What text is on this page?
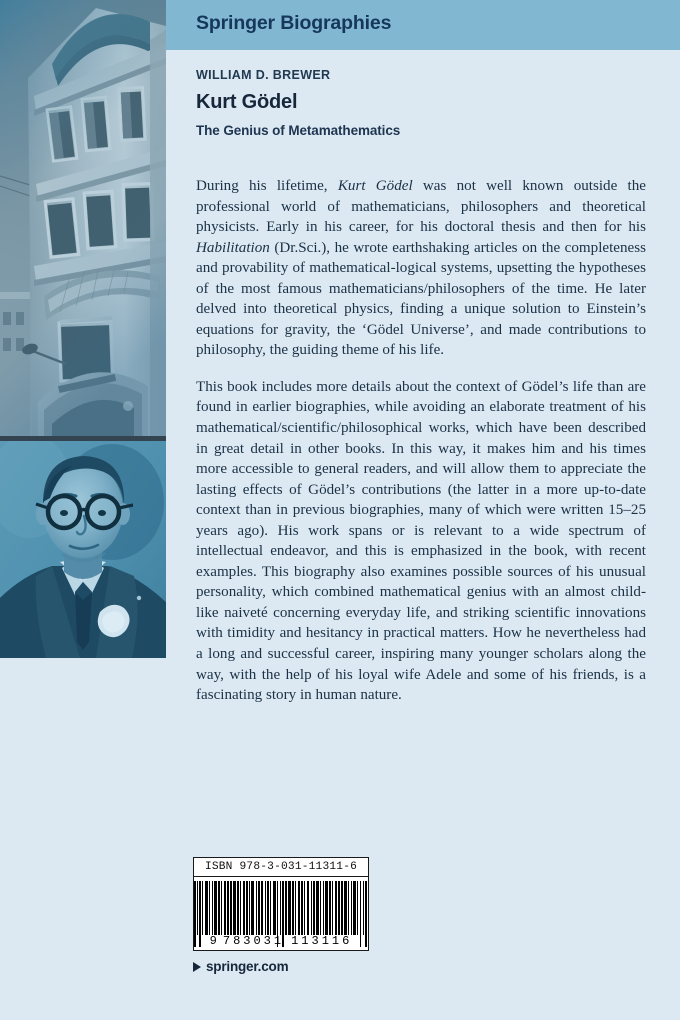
Springer Biographies
WILLIAM D. BREWER
Kurt Gödel
The Genius of Metamathematics

During his lifetime, Kurt Gödel was not well known outside the professional world of mathematicians, philosophers and theoretical physicists. Early in his career, for his doctoral thesis and then for his Habilitation (Dr.Sci.), he wrote earthshaking articles on the completeness and provability of mathematical-logical systems, upsetting the hypotheses of the most famous mathematicians/philosophers of the time. He later delved into theoretical physics, finding a unique solution to Einstein’s equations for gravity, the ‘Gödel Universe’, and made contributions to philosophy, the guiding theme of his life.

This book includes more details about the context of Gödel’s life than are found in earlier biographies, while avoiding an elaborate treatment of his mathematical/scientific/philosophical works, which have been described in great detail in other books. In this way, it makes him and his times more accessible to general readers, and will allow them to appreciate the lasting effects of Gödel’s contributions (the latter in a more up-to-date context than in previous biographies, many of which were written 15–25 years ago). His work spans or is relevant to a wide spectrum of intellectual endeavor, and this is emphasized in the book, with recent examples. This biography also examines possible sources of his unusual personality, which combined mathematical genius with an almost child-like naiveté concerning everyday life, and striking scientific innovations with timidity and hesitancy in practical matters. How he nevertheless had a long and successful career, inspiring many younger scholars along the way, with the help of his loyal wife Adele and some of his friends, is a fascinating story in human nature.

ISBN 978-3-031-11311-6
9 783031 113116
springer.com
